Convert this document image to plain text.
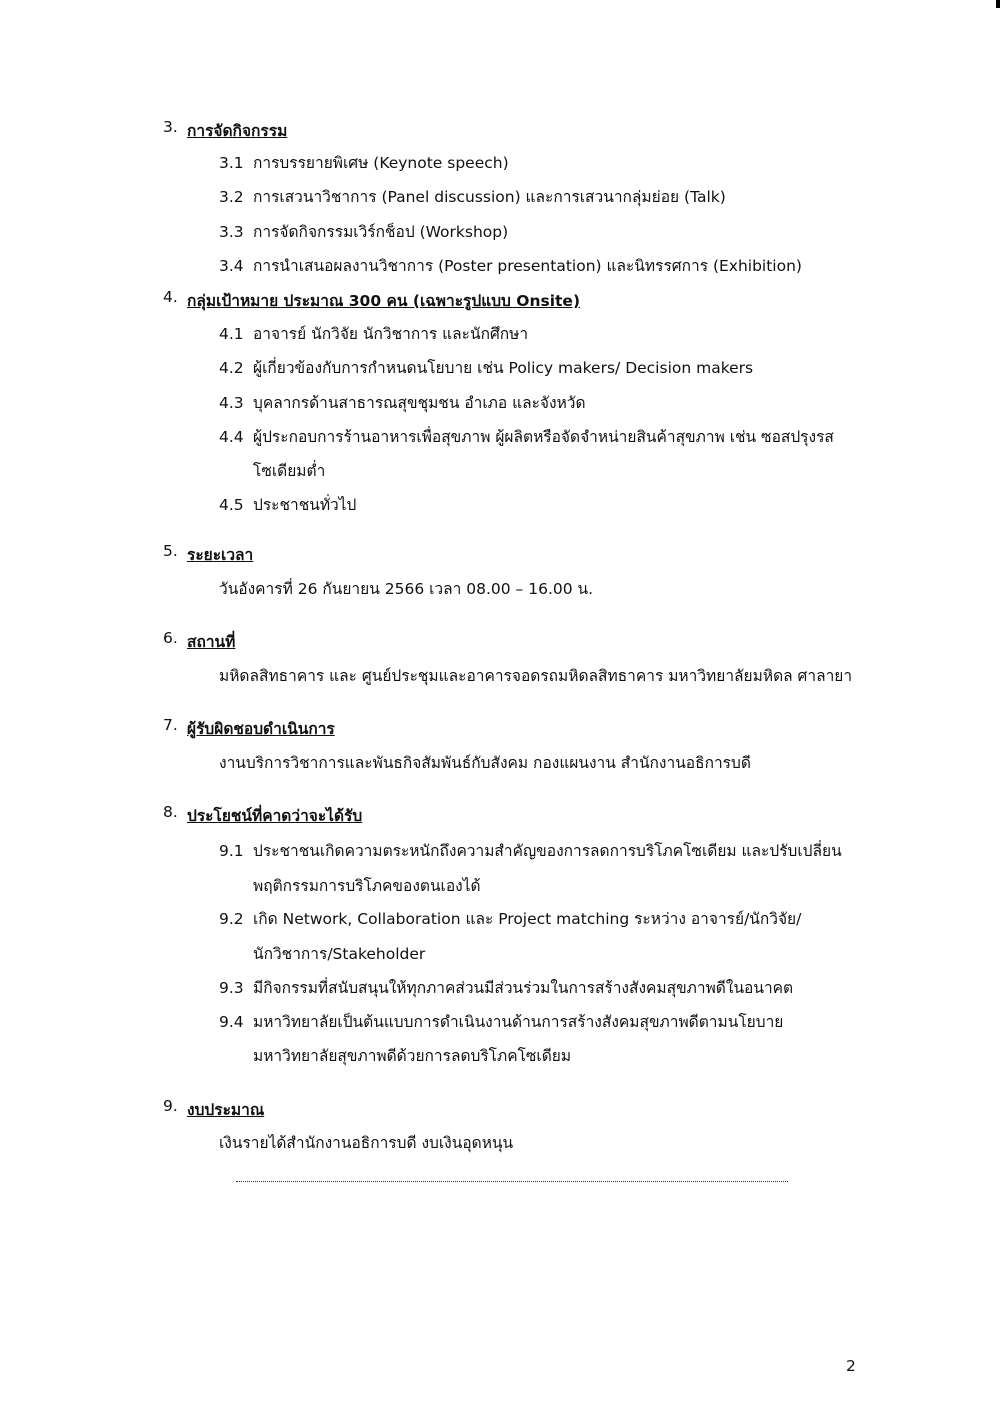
3. การจัดกิจกรรม
3.1 การบรรยายพิเศษ (Keynote speech)
3.2 การเสวนาวิชาการ (Panel discussion) และการเสวนากลุ่มย่อย (Talk)
3.3 การจัดกิจกรรมเวิร์กช็อป (Workshop)
3.4 การนำเสนอผลงานวิชาการ (Poster presentation) และนิทรรศการ (Exhibition)
4. กลุ่มเป้าหมาย ประมาณ 300 คน (เฉพาะรูปแบบ Onsite)
4.1 อาจารย์ นักวิจัย นักวิชาการ และนักศึกษา
4.2 ผู้เกี่ยวข้องกับการกำหนดนโยบาย เช่น Policy makers/ Decision makers
4.3 บุคลากรด้านสาธารณสุขชุมชน อำเภอ และจังหวัด
4.4 ผู้ประกอบการร้านอาหารเพื่อสุขภาพ ผู้ผลิตหรือจัดจำหน่ายสินค้าสุขภาพ เช่น ซอสปรุงรส
โซเดียมต่ำ
4.5 ประชาชนทั่วไป
5. ระยะเวลา
วันอังคารที่ 26 กันยายน 2566 เวลา 08.00 – 16.00 น.
6. สถานที่
มหิดลสิทธาคาร และ ศูนย์ประชุมและอาคารจอดรถมหิดลสิทธาคาร มหาวิทยาลัยมหิดล ศาลายา
7. ผู้รับผิดชอบดำเนินการ
งานบริการวิชาการและพันธกิจสัมพันธ์กับสังคม กองแผนงาน สำนักงานอธิการบดี
8. ประโยชน์ที่คาดว่าจะได้รับ
9.1 ประชาชนเกิดความตระหนักถึงความสำคัญของการลดการบริโภคโซเดียม และปรับเปลี่ยน
พฤติกรรมการบริโภคของตนเองได้
9.2 เกิด Network, Collaboration และ Project matching ระหว่าง อาจารย์/นักวิจัย/
นักวิชาการ/Stakeholder
9.3 มีกิจกรรมที่สนับสนุนให้ทุกภาคส่วนมีส่วนร่วมในการสร้างสังคมสุขภาพดีในอนาคต
9.4 มหาวิทยาลัยเป็นต้นแบบการดำเนินงานด้านการสร้างสังคมสุขภาพดีตามนโยบาย
มหาวิทยาลัยสุขภาพดีด้วยการลดบริโภคโซเดียม
9. งบประมาณ
เงินรายได้สำนักงานอธิการบดี งบเงินอุดหนุน
2
